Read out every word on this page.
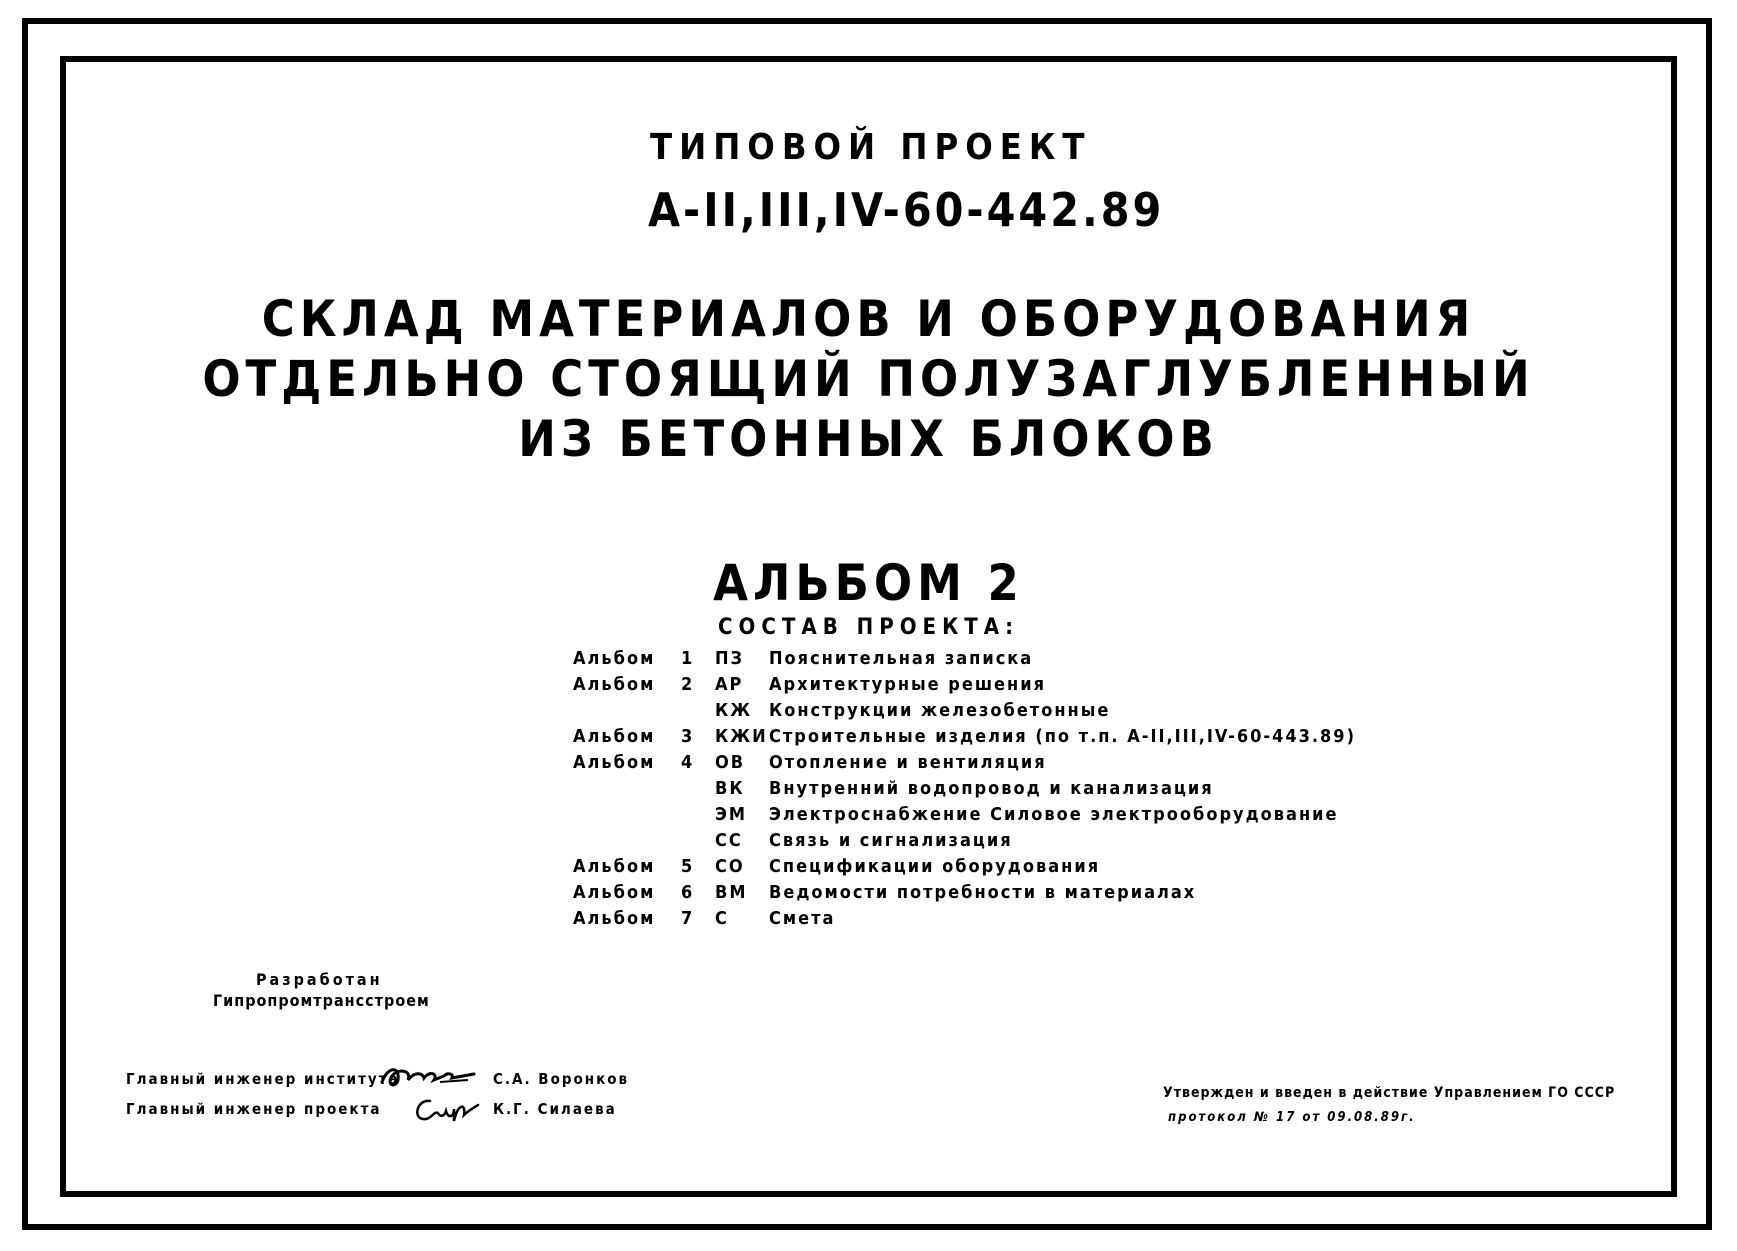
ТИПОВОЙ ПРОЕКТ
А-II,III,IV-60-442.89
СКЛАД МАТЕРИАЛОВ И ОБОРУДОВАНИЯ
ОТДЕЛЬНО СТОЯЩИЙ ПОЛУЗАГЛУБЛЕННЫЙ
ИЗ БЕТОННЫХ БЛОКОВ
АЛЬБОМ 2
СОСТАВ ПРОЕКТА:
Альбом 1 ПЗ Пояснительная записка
Альбом 2 АР Архитектурные решения
КЖ Конструкции железобетонные
Альбом 3 КЖИ Строительные изделия (по т.п. А-II,III,IV-60-443.89)
Альбом 4 ОВ Отопление и вентиляция
ВК Внутренний водопровод и канализация
ЭМ Электроснабжение Силовое электрооборудование
СС Связь и сигнализация
Альбом 5 СО Спецификации оборудования
Альбом 6 ВМ Ведомости потребности в материалах
Альбом 7 С Смета
Разработан
Гипропромтрансстроем
Главный инженер института
Главный инженер проекта
С.А. Воронков
К.Г. Силаева
Утвержден и введен в действие Управлением ГО СССР
протокол № 17 от 09.08.89г.
